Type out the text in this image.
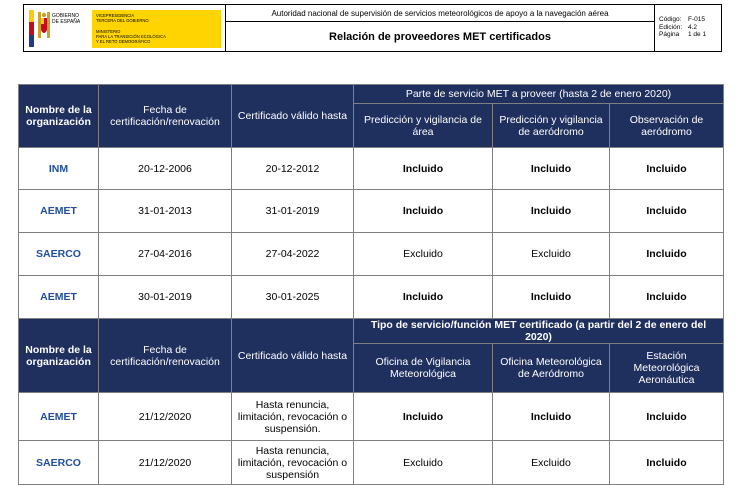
GOBIERNO
DE ESPAÑA
VICEPRESIDENCIA
TERCERA DEL GOBIERNO
MINISTERIO
PARA LA TRANSICIÓN ECOLÓGICA
Y EL RETO DEMOGRÁFICO
Autoridad nacional de supervisión de servicios meteorológicos de apoyo a la navegación aérea
Relación de proveedores MET certificados
Código:	F-015
Edición: 4.2
Página	1 de 1
Nombre de la organización	Fecha de certificación/renovación	Certificado válido hasta	Parte de servicio MET a proveer (hasta 2 de enero 2020)		
			Predicción y vigilancia de área	Predicción y vigilancia de aeródromo	Observación de aeródromo
INM	20-12-2006	20-12-2012	Incluido	Incluido	Incluido
AEMET	31-01-2013	31-01-2019	Incluido	Incluido	Incluido
SAERCO	27-04-2016	27-04-2022	Excluido	Excluido	Incluido
AEMET	30-01-2019	30-01-2025	Incluido	Incluido	Incluido
Nombre de la organización	Fecha de certificación/renovación	Certificado válido hasta	Tipo de servicio/función MET certificado (a partir del 2 de enero del 2020)		
			Oficina de Vigilancia Meteorológica	Oficina Meteorológica de Aeródromo	Estación Meteorológica Aeronáutica
AEMET	21/12/2020	Hasta renuncia, limitación, revocación o suspensión.	Incluido	Incluido	Incluido
SAERCO	21/12/2020	Hasta renuncia, limitación, revocación o suspensión	Excluido	Excluido	Incluido
